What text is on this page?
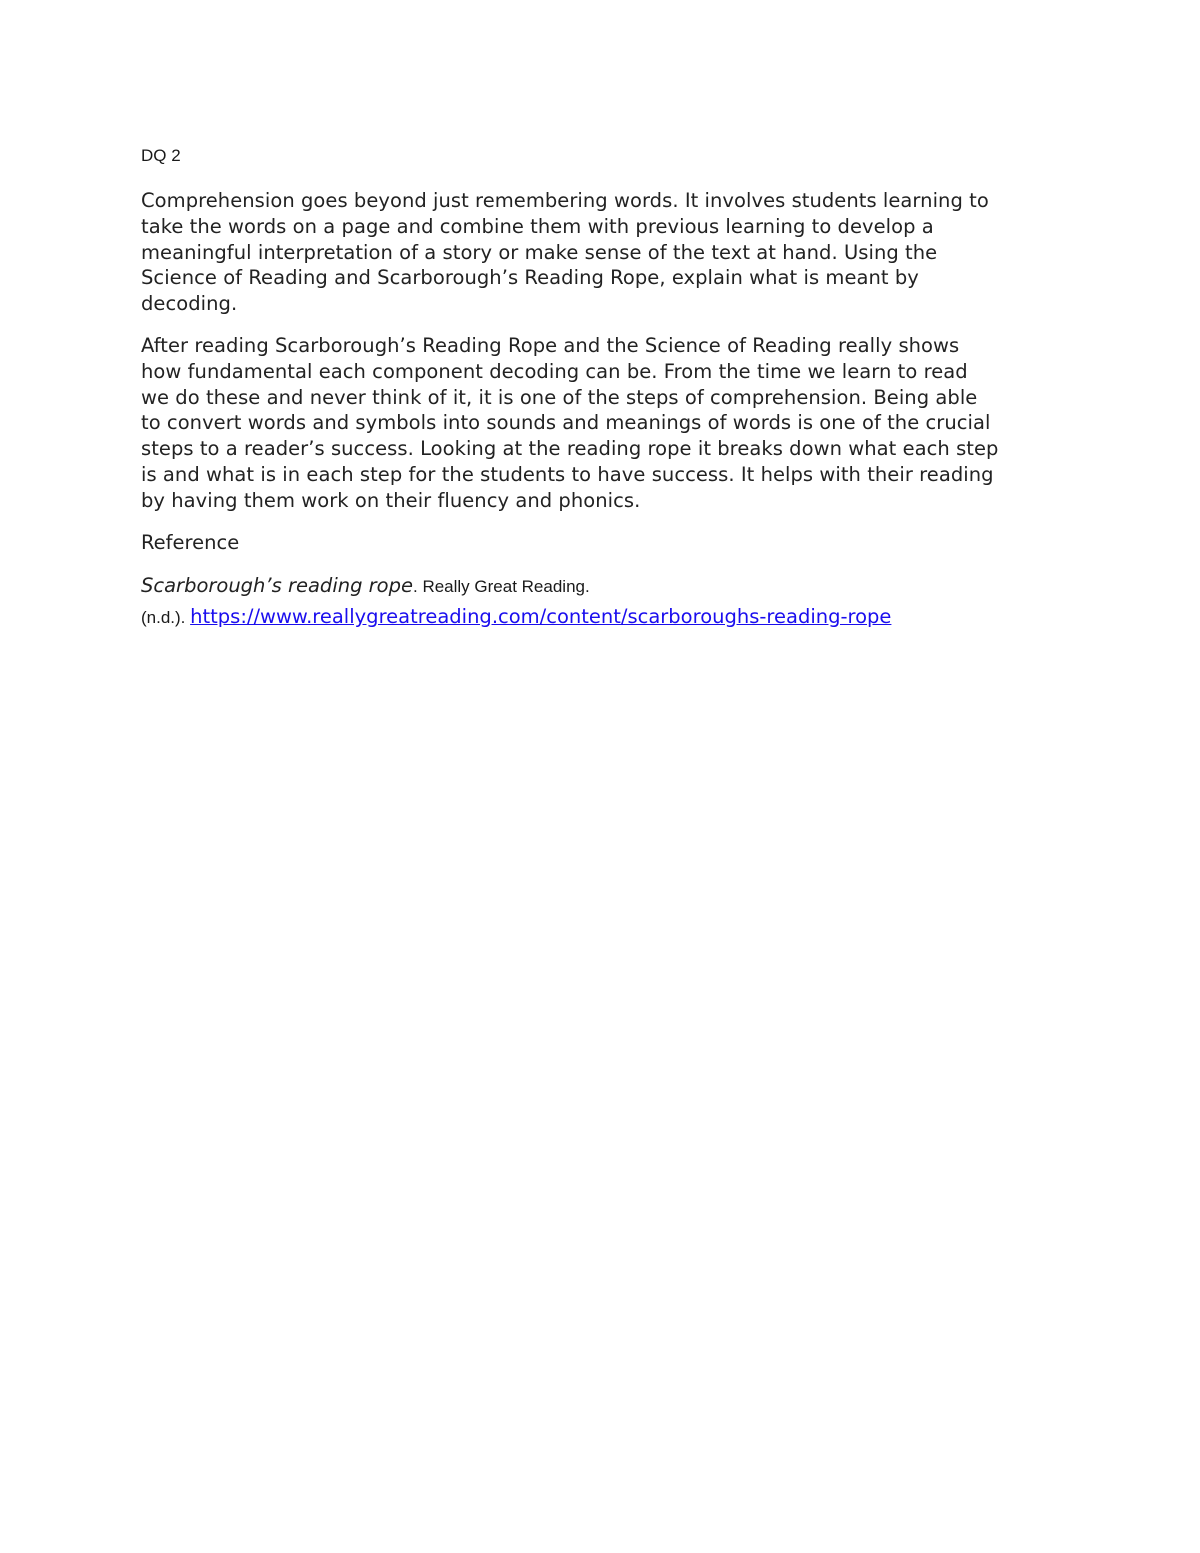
DQ 2

Comprehension goes beyond just remembering words. It involves students learning to
take the words on a page and combine them with previous learning to develop a
meaningful interpretation of a story or make sense of the text at hand. Using the
Science of Reading and Scarborough’s Reading Rope, explain what is meant by
decoding.

After reading Scarborough’s Reading Rope and the Science of Reading really shows
how fundamental each component decoding can be. From the time we learn to read
we do these and never think of it, it is one of the steps of comprehension. Being able
to convert words and symbols into sounds and meanings of words is one of the crucial
steps to a reader’s success. Looking at the reading rope it breaks down what each step
is and what is in each step for the students to have success. It helps with their reading
by having them work on their fluency and phonics.

Reference

Scarborough’s reading rope. Really Great Reading.
(n.d.). https://www.reallygreatreading.com/content/scarboroughs-reading-rope
